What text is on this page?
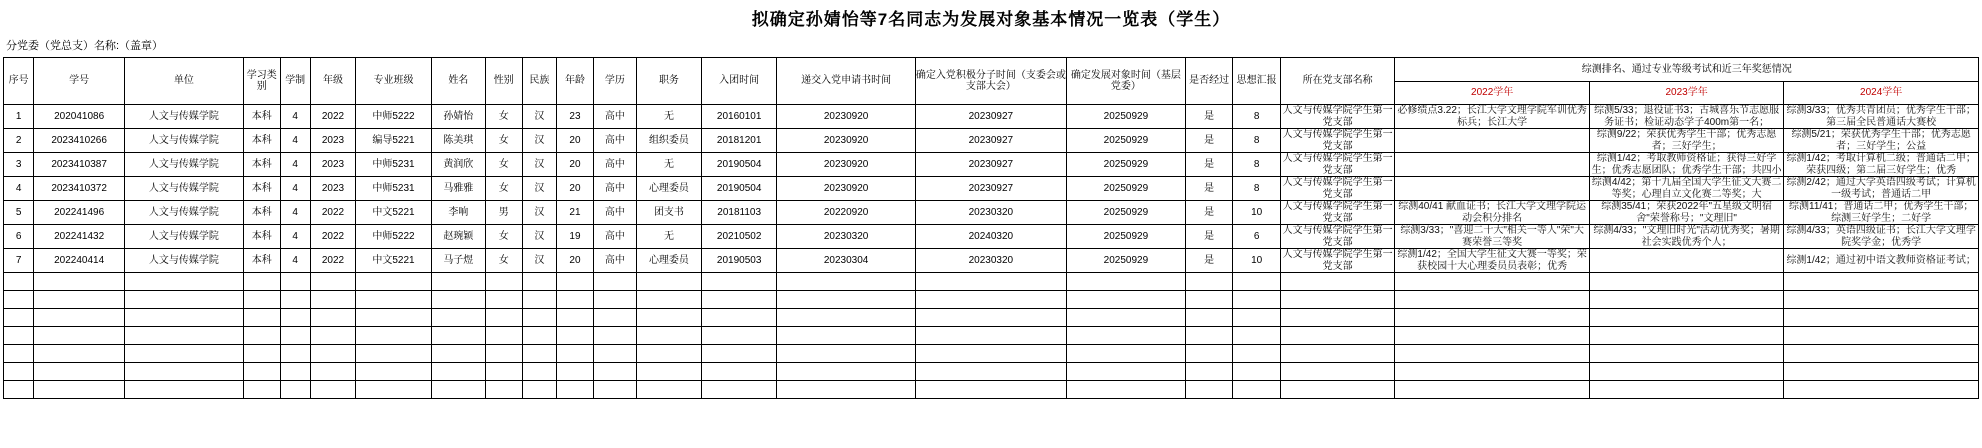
拟确定孙婧怡等7名同志为发展对象基本情况一览表（学生）
分党委（党总支）名称:（盖章）
序号	学号	单位	学习类别	学制	年级	专业班级	姓名	性别	民族	年龄	学历	职务	入团时间	递交入党申请书时间	确定入党积极分子时间（支委会或支部大会）	确定发展对象时间（基层党委）	是否经过	思想汇报	所在党支部名称	综测排名、通过专业等级考试和近三年奖惩情况		
																				2022学年	2023学年	2024学年
1	202041086	人文与传媒学院	本科	4	2022	中师5222	孙婧怡	女	汉	23	高中	无	20160101	20230920	20230927	20250929	是	8	人文与传媒学院学生第一党支部	必修绩点3.22；长江大学文理学院军训优秀标兵；长江大学	综测5/33；退役证书3；古城喜乐节志愿服务证书；检证动态学子400m第一名；	综测3/33；优秀共青团员；优秀学生干部；第三届全民普通话大赛校
2	2023410266	人文与传媒学院	本科	4	2023	编导5221	陈美琪	女	汉	20	高中	组织委员	20181201	20230920	20230927	20250929	是	8	人文与传媒学院学生第一党支部		综测9/22；荣获优秀学生干部；优秀志愿者；三好学生；	综测5/21；荣获优秀学生干部；优秀志愿者；三好学生；公益
3	2023410387	人文与传媒学院	本科	4	2023	中师5231	黄润欣	女	汉	20	高中	无	20190504	20230920	20230927	20250929	是	8	人文与传媒学院学生第一党支部		综测1/42；考取教师资格证；获得三好学生；优秀志愿团队；优秀学生干部；共四小	综测1/42；考取计算机二级；普通话二甲；荣获四级；第二届三好学生；优秀
4	2023410372	人文与传媒学院	本科	4	2023	中师5231	马雅雅	女	汉	20	高中	心理委员	20190504	20230920	20230927	20250929	是	8	人文与传媒学院学生第一党支部		综测4/42；第十九届全国大学生征文大赛二等奖；心理自立文化赛二等奖；大	综测2/42；通过大学英语四级考试；计算机一级考试；普通话二甲
5	202241496	人文与传媒学院	本科	4	2022	中文5221	李响	男	汉	21	高中	团支书	20181103	20220920	20230320	20250929	是	10	人文与传媒学院学生第一党支部	综测40/41 献血证书；长江大学文理学院运动会积分排名	综测35/41；荣获2022年"五星级文明宿舍"荣誉称号；"文理旧"	综测11/41；普通话二甲；优秀学生干部；综测三好学生；二好学
6	202241432	人文与传媒学院	本科	4	2022	中师5222	赵琬颖	女	汉	19	高中	无	20210502	20230320	20240320	20250929	是	6	人文与传媒学院学生第一党支部	综测3/33；"喜迎二十大"相关一等人"荣"大赛荣誉三等奖	综测4/33；"文理旧时光"活动优秀奖；暑期社会实践优秀个人；	综测4/33；英语四级证书；长江大学文理学院奖学金；优秀学
7	202240414	人文与传媒学院	本科	4	2022	中文5221	马子煜	女	汉	20	高中	心理委员	20190503	20230304	20230320	20250929	是	10	人文与传媒学院学生第一党支部	综测1/42；全国大学生征文大赛一等奖；荣获校园十大心理委员员表彰；优秀		综测1/42；通过初中语文教师资格证考试；
